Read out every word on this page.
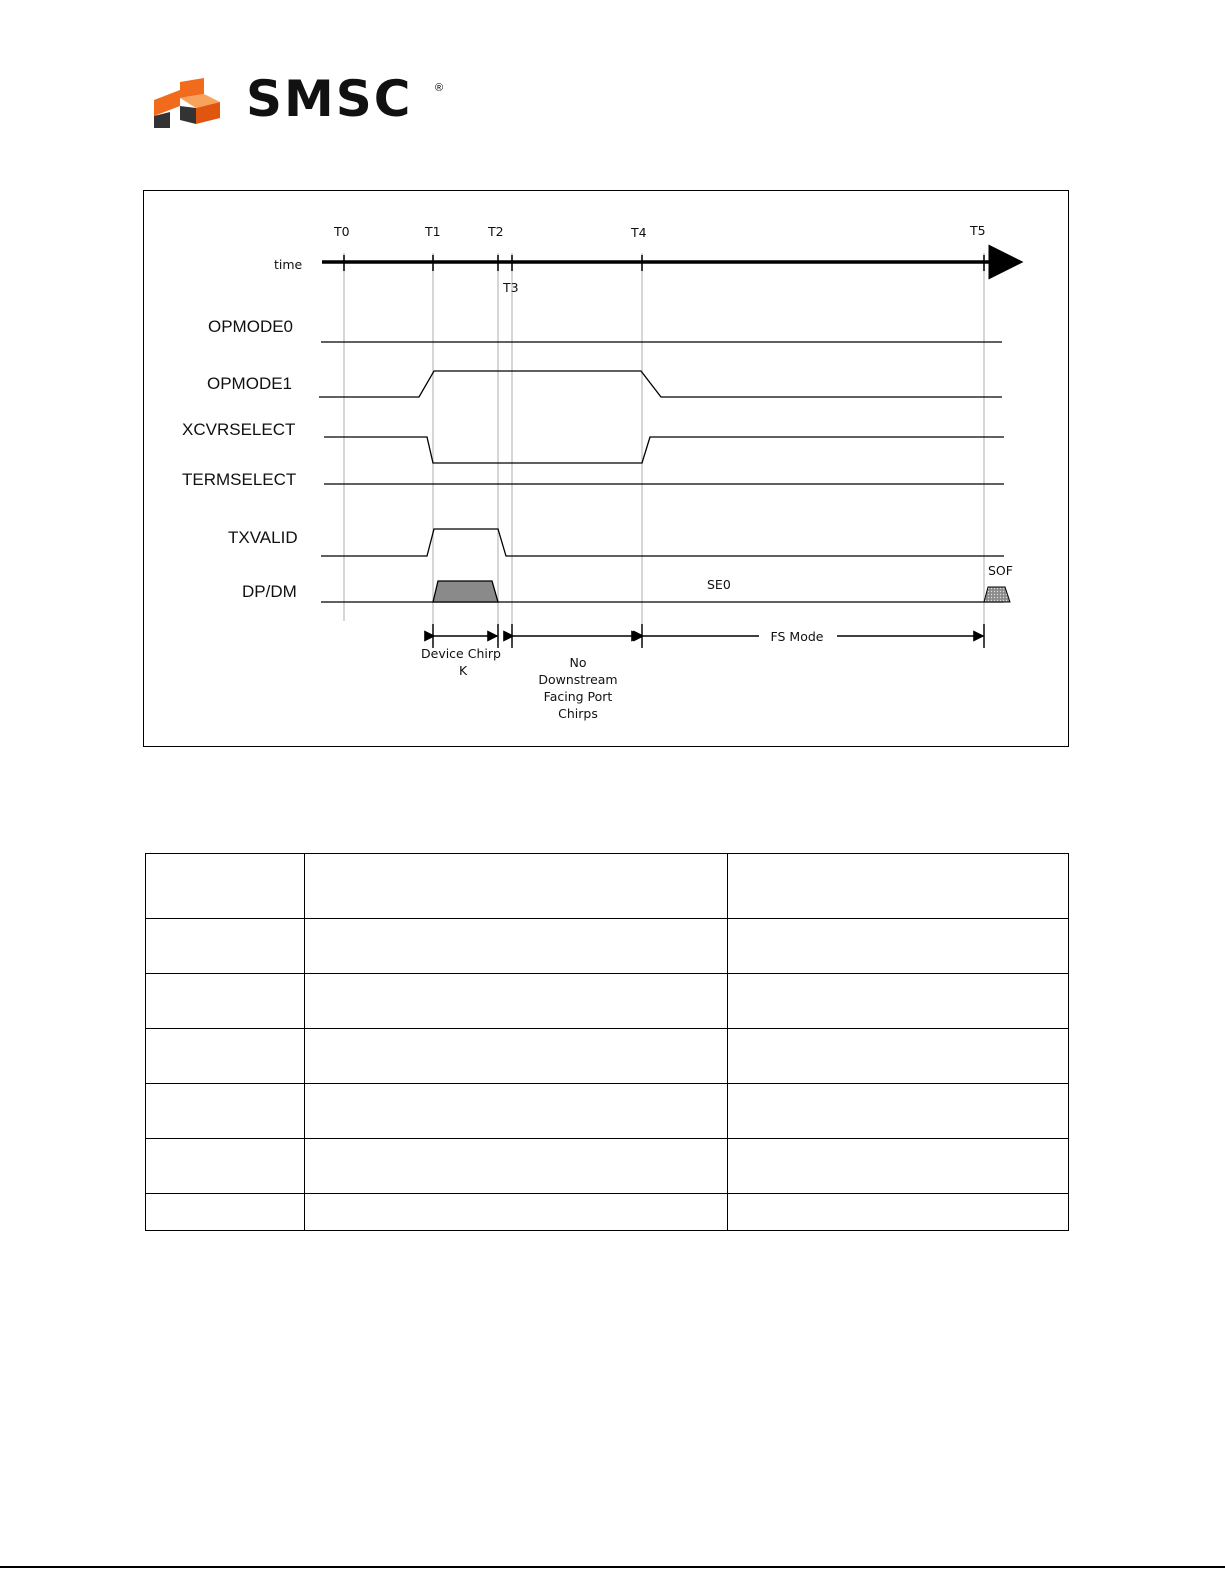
SMSC ®
time
T0	T1	T2
T3
T4	T5
OPMODE0
OPMODE1
XCVRSELECT
TERMSELECT
TXVALID
DP/DM	SE0
SOF
Device Chirp
K
No
Downstream
Facing Port
Chirps
FS Mode
